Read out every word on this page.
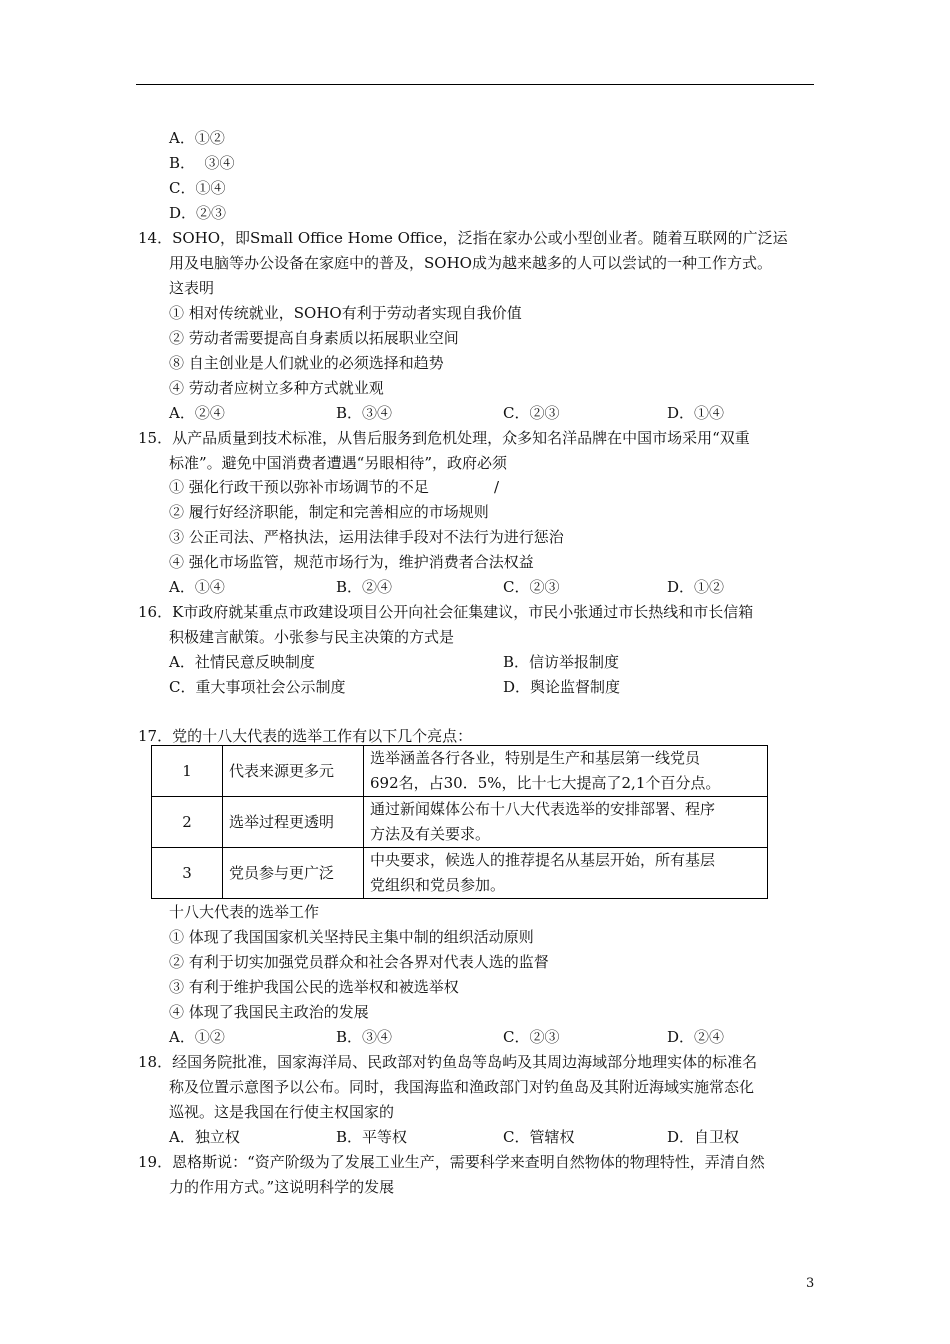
A．①②
B．  ③④
C．①④
D．②③
14．SOHO，即Small Office Home Office，泛指在家办公或小型创业者。随着互联网的广泛运
用及电脑等办公设备在家庭中的普及，SOHO成为越来越多的人可以尝试的一种工作方式。
这表明
① 相对传统就业，SOHO有利于劳动者实现自我价值
② 劳动者需要提高自身素质以拓展职业空间
⑧ 自主创业是人们就业的必须选择和趋势
④ 劳动者应树立多种方式就业观
A．②④	B．③④	C．②③	D．①④
15．从产品质量到技术标准，从售后服务到危机处理，众多知名洋品牌在中国市场采用“双重
标准”。避免中国消费者遭遇“另眼相待”，政府必须
① 强化行政干预以弥补市场调节的不足	/
② 履行好经济职能，制定和完善相应的市场规则
③ 公正司法、严格执法，运用法律手段对不法行为进行惩治
④ 强化市场监管，规范市场行为，维护消费者合法权益
A．①④	B．②④	C．②③	D．①②
16．K市政府就某重点市政建设项目公开向社会征集建议，市民小张通过市长热线和市长信箱
积极建言献策。小张参与民主决策的方式是
A．社情民意反映制度	B．信访举报制度
C．重大事项社会公示制度	D．舆论监督制度
17．党的十八大代表的选举工作有以下几个亮点：
1	代表来源更多元	选举涵盖各行各业，特别是生产和基层第一线党员
692名，占30．5%，比十七大提高了2,1个百分点。

2	选举过程更透明	通过新闻媒体公布十八大代表选举的安排部署、程序
方法及有关要求。

3	党员参与更广泛	中央要求，候选人的推荐提名从基层开始，所有基层
党组织和党员参加。
十八大代表的选举工作
① 体现了我国国家机关坚持民主集中制的组织活动原则
② 有利于切实加强党员群众和社会各界对代表人选的监督
③ 有利于维护我国公民的选举权和被选举权
④ 体现了我国民主政治的发展
A．①②	B．③④	C．②③	D．②④
18．经国务院批准，国家海洋局、民政部对钓鱼岛等岛屿及其周边海域部分地理实体的标准名
称及位置示意图予以公布。同时，我国海监和渔政部门对钓鱼岛及其附近海域实施常态化
巡视。这是我国在行使主权国家的
A．独立权	B．平等权	C．管辖权	D．自卫权
19．恩格斯说：“资产阶级为了发展工业生产，需要科学来查明自然物体的物理特性，弄清自然
力的作用方式。”这说明科学的发展
3
